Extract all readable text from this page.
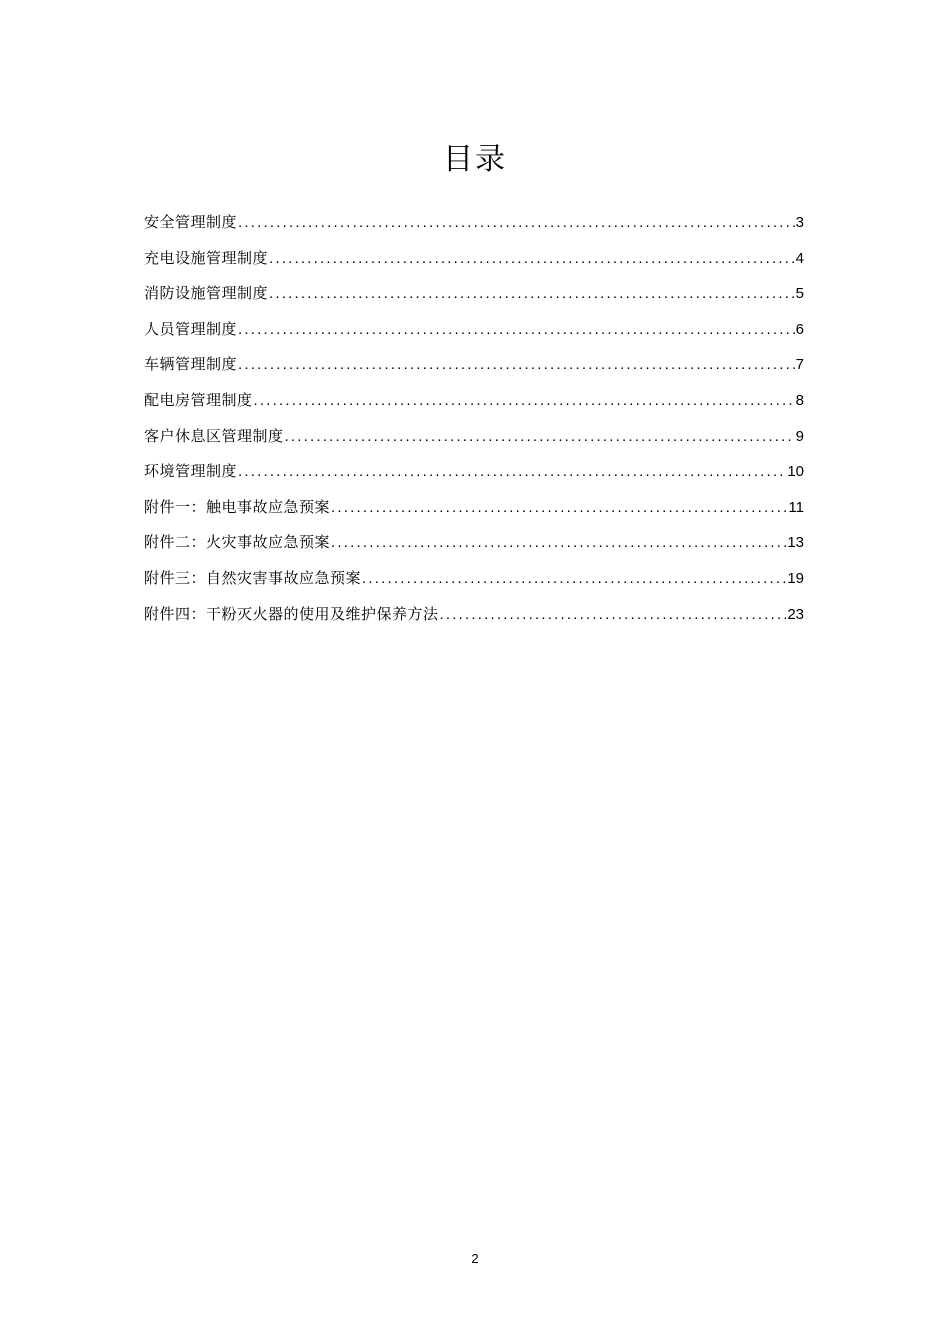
目录
安全管理制度 .....	3
充电设施管理制度 .....	4
消防设施管理制度 .....	5
人员管理制度 .....	6
车辆管理制度 .....	7
配电房管理制度 .....	8
客户休息区管理制度 .....	9
环境管理制度 .....	10
附件一：触电事故应急预案 .....	11
附件二：火灾事故应急预案 .....	13
附件三：自然灾害事故应急预案 .....	19
附件四：干粉灭火器的使用及维护保养方法 .....	23
2
